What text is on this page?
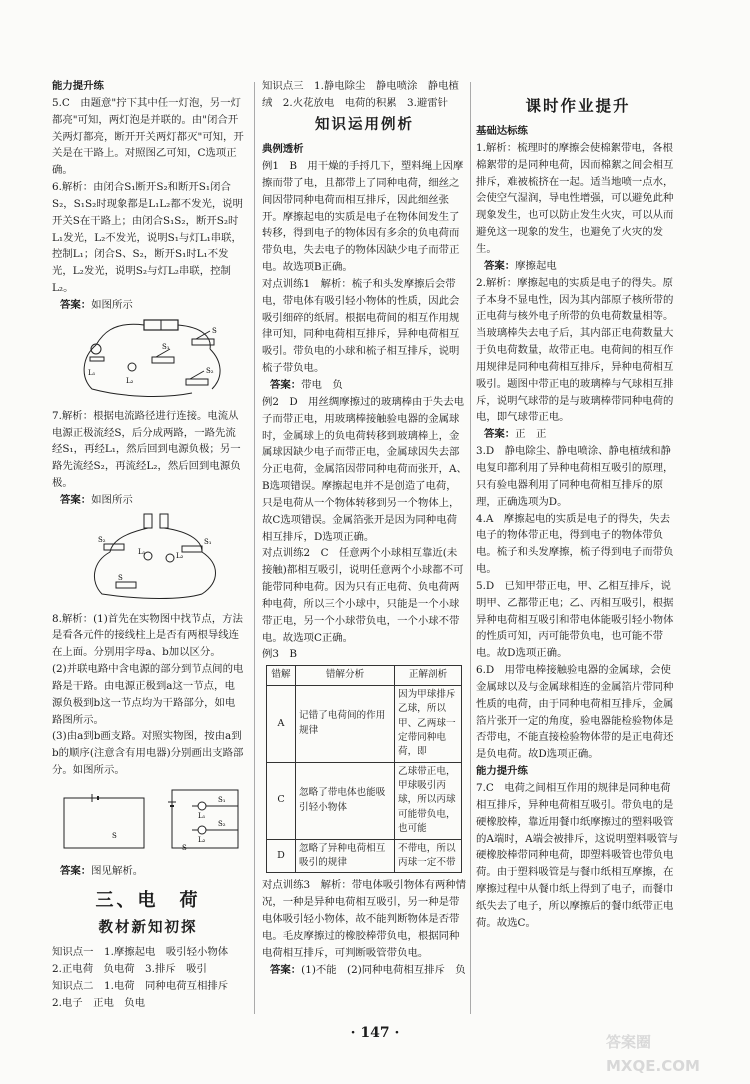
能力提升练

5.C　由题意"拧下其中任一灯泡，另一灯都亮"可知，两灯泡是并联的。由"闭合开关两灯都亮，断开开关两灯都灭"可知，开关是在干路上。对照图乙可知，C选项正确。

6.解析：由闭合S₁断开S₂和断开S₁闭合S₂，S₁S₂时现象都是L₁L₂都不发光，说明开关S在干路上；由闭合S₁S₂，断开S₂时L₁发光，L₂不发光，说明S₁与灯L₁串联，控制L₁；闭合S、S₂，断开S₁时L₁不发光，L₂发光，说明S₂与灯L₂串联，控制L₂。

答案：如图所示

L₁
L₂
S₁
S
S₂

7.解析：根据电流路径进行连接。电流从电源正极流经S，后分成两路，一路先流经S₁，再经L₁，然后回到电源负极；另一路先流经S₂，再流经L₂，然后回到电源负极。

答案：如图所示

S₂
L₁	L₂
S₁
S

8.解析：(1)首先在实物图中找节点，方法是看各元件的接线柱上是否有两根导线连在上面。分别用字母a、b加以区分。

(2)并联电路中含电源的部分到节点间的电路是干路。由电源正极到a这一节点，电源负极到b这一节点均为干路部分，如电路图所示。

(3)由a到b画支路。对照实物图，按由a到b的顺序(注意含有用电器)分别画出支路部分。如图所示。

S
L₁
L₂
S₁
S₂
S

答案：图见解析。

三、电　荷

教材新知初探

知识点一　1.摩擦起电　吸引轻小物体　2.正电荷　负电荷　3.排斥　吸引

知识点二　1.电荷　同种电荷互相排斥　2.电子　正电　负电

知识点三　1.静电除尘　静电喷涂　静电植绒　2.火花放电　电荷的积累　3.避雷针

知识运用例析

典例透析

例1　B　用干燥的手捋几下，塑料绳上因摩擦而带了电，且都带上了同种电荷，细丝之间因带同种电荷而相互排斥，因此细丝张开。摩擦起电的实质是电子在物体间发生了转移，得到电子的物体因有多余的负电荷而带负电，失去电子的物体因缺少电子而带正电。故选项B正确。

对点训练1　解析：梳子和头发摩擦后会带电，带电体有吸引轻小物体的性质，因此会吸引细碎的纸屑。根据电荷间的相互作用规律可知，同种电荷相互排斥，异种电荷相互吸引。带负电的小球和梳子相互排斥，说明梳子带负电。

答案：带电　负

例2　D　用丝绸摩擦过的玻璃棒由于失去电子而带正电，用玻璃棒接触验电器的金属球时，金属球上的负电荷转移到玻璃棒上，金属球因缺少电子而带正电，金属球因失去部分正电荷，金属箔因带同种电荷而张开，A、B选项错误。摩擦起电并不是创造了电荷，只是电荷从一个物体转移到另一个物体上，故C选项错误。金属箔张开是因为同种电荷相互排斥，D选项正确。

对点训练2　C　任意两个小球相互靠近(未接触)都相互吸引，说明任意两个小球都不可能带同种电荷。因为只有正电荷、负电荷两种电荷，所以三个小球中，只能是一个小球带正电，另一个小球带负电，一个小球不带电。故选项C正确。

例3　B

错解	错解分析	正解剖析
A	记错了电荷间的作用规律	因为甲球排斥乙球，所以甲、乙两球一定带同种电荷，即
C	忽略了带电体也能吸引轻小物体	乙球带正电，甲球吸引丙球，所以丙球可能带负电，也可能
D	忽略了异种电荷相互吸引的规律	不带电，所以丙球一定不带

对点训练3　解析：带电体吸引物体有两种情况，一种是异种电荷相互吸引，另一种是带电体吸引轻小物体，故不能判断物体是否带电。毛皮摩擦过的橡胶棒带负电，根据同种电荷相互排斥，可判断吸管带负电。

答案：(1)不能　(2)同种电荷相互排斥　负

课时作业提升

基础达标练

1.解析：梳理时的摩擦会使棉絮带电，各根棉絮带的是同种电荷，因而棉絮之间会相互排斥，难被梳挤在一起。适当地喷一点水，会使空气湿润，导电性增强，可以避免此种现象发生，也可以防止发生火灾，可以从而避免这一现象的发生，也避免了火灾的发生。

答案：摩擦起电

2.解析：摩擦起电的实质是电子的得失。原子本身不显电性，因为其内部原子核所带的正电荷与核外电子所带的负电荷数量相等。当玻璃棒失去电子后，其内部正电荷数量大于负电荷数量，故带正电。电荷间的相互作用规律是同种电荷相互排斥，异种电荷相互吸引。题图中带正电的玻璃棒与气球相互排斥，说明气球带的是与玻璃棒带同种电荷的电，即气球带正电。

答案：正　正

3.D　静电除尘、静电喷涂、静电植绒和静电复印都利用了异种电荷相互吸引的原理，只有验电器利用了同种电荷相互排斥的原理，正确选项为D。

4.A　摩擦起电的实质是电子的得失，失去电子的物体带正电，得到电子的物体带负电。梳子和头发摩擦，梳子得到电子而带负电。

5.D　已知甲带正电，甲、乙相互排斥，说明甲、乙都带正电；乙、丙相互吸引，根据异种电荷相互吸引和带电体能吸引轻小物体的性质可知，丙可能带负电，也可能不带电。故D选项正确。

6.D　用带电棒接触验电器的金属球，会使金属球以及与金属球相连的金属箔片带同种性质的电荷，由于同种电荷相互排斥，金属箔片张开一定的角度，验电器能检验物体是否带电，不能直接检验物体带的是正电荷还是负电荷。故D选项正确。

能力提升练

7.C　电荷之间相互作用的规律是同种电荷相互排斥，异种电荷相互吸引。带负电的是硬橡胶棒，靠近用餐巾纸摩擦过的塑料吸管的A端时，A端会被排斥，这说明塑料吸管与硬橡胶棒带同种电荷，即塑料吸管也带负电荷。由于塑料吸管是与餐巾纸相互摩擦，在摩擦过程中从餐巾纸上得到了电子，而餐巾纸失去了电子，所以摩擦后的餐巾纸带正电荷。故选C。

· 147 ·	答案圈 MXQE.COM
